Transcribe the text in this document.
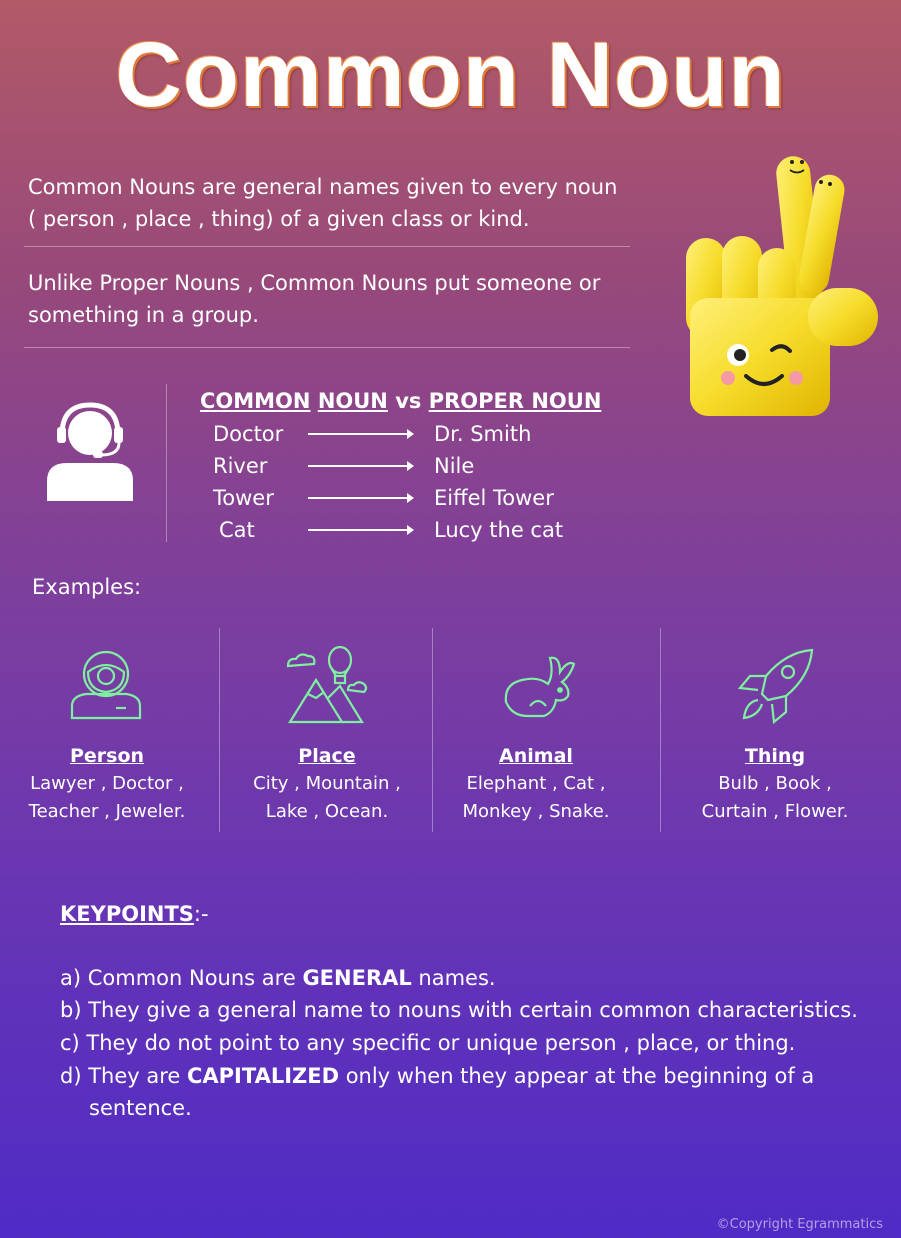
Common Noun
Common Nouns are general names given to every noun
( person , place , thing) of a given class or kind.
Unlike Proper Nouns , Common Nouns put someone or
something in a group.
COMMON NOUN vs PROPER NOUN
Doctor	Dr. Smith
River	Nile
Tower	Eiffel Tower
Cat	Lucy the cat
Examples:
Person
Lawyer , Doctor ,
Teacher , Jeweler.
Place
City , Mountain ,
Lake , Ocean.
Animal
Elephant , Cat ,
Monkey , Snake.
Thing
Bulb , Book ,
Curtain , Flower.
KEYPOINTS:-
a) Common Nouns are GENERAL names.
b) They give a general name to nouns with certain common characteristics.
c) They do not point to any specific or unique person , place, or thing.
d) They are CAPITALIZED only when they appear at the beginning of a
sentence.
©Copyright Egrammatics
